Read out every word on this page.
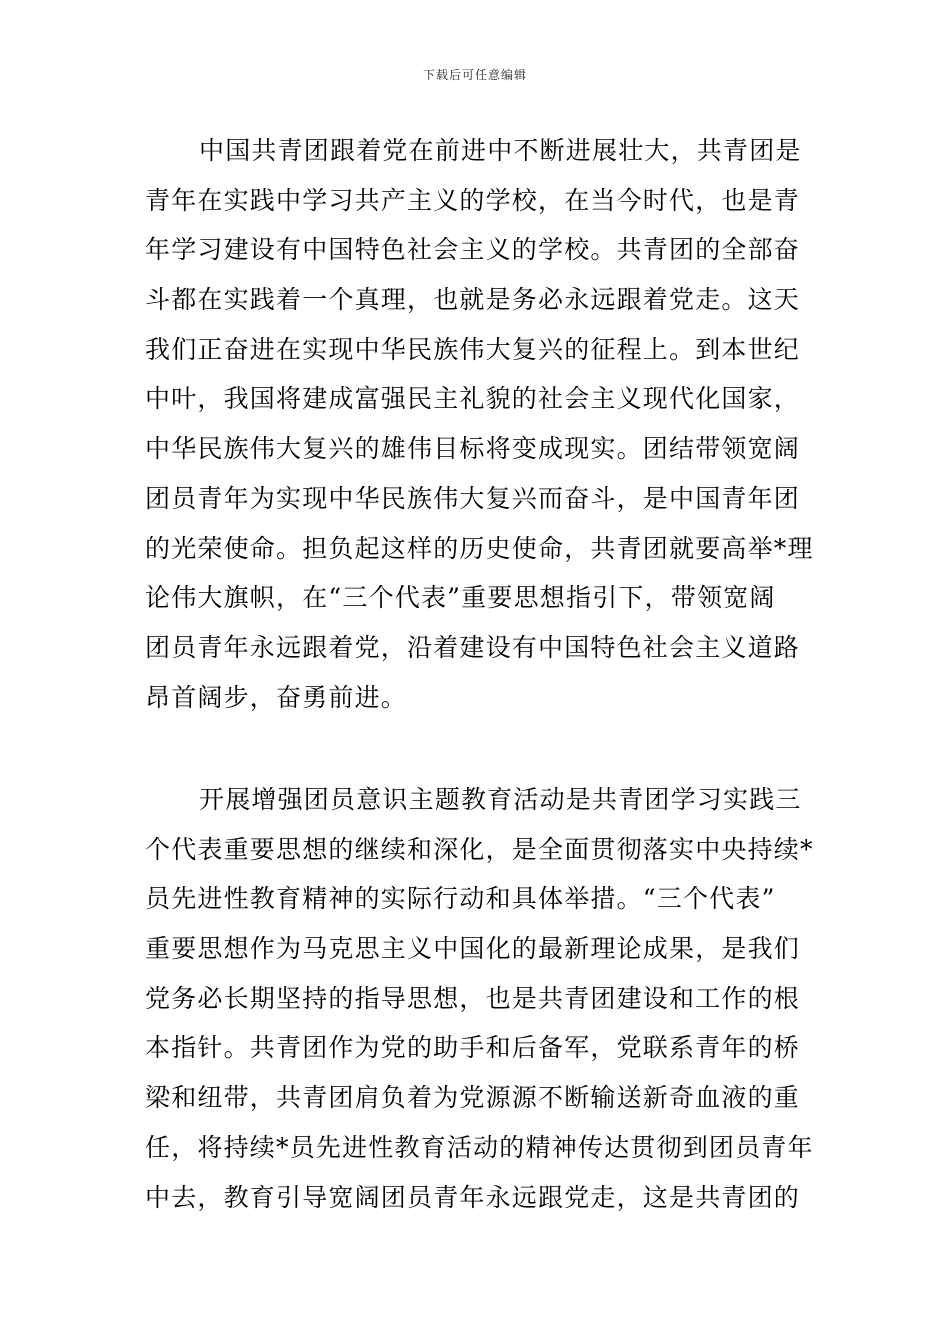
下载后可任意编辑
中国共青团跟着党在前进中不断进展壮大，共青团是
青年在实践中学习共产主义的学校，在当今时代，也是青
年学习建设有中国特色社会主义的学校。共青团的全部奋
斗都在实践着一个真理，也就是务必永远跟着党走。这天
我们正奋进在实现中华民族伟大复兴的征程上。到本世纪
中叶，我国将建成富强民主礼貌的社会主义现代化国家，
中华民族伟大复兴的雄伟目标将变成现实。团结带领宽阔
团员青年为实现中华民族伟大复兴而奋斗，是中国青年团
的光荣使命。担负起这样的历史使命，共青团就要高举*理
论伟大旗帜，在“三个代表”重要思想指引下，带领宽阔
团员青年永远跟着党，沿着建设有中国特色社会主义道路
昂首阔步，奋勇前进。
开展增强团员意识主题教育活动是共青团学习实践三
个代表重要思想的继续和深化，是全面贯彻落实中央持续*
员先进性教育精神的实际行动和具体举措。“三个代表”
重要思想作为马克思主义中国化的最新理论成果，是我们
党务必长期坚持的指导思想，也是共青团建设和工作的根
本指针。共青团作为党的助手和后备军，党联系青年的桥
梁和纽带，共青团肩负着为党源源不断输送新奇血液的重
任，将持续*员先进性教育活动的精神传达贯彻到团员青年
中去，教育引导宽阔团员青年永远跟党走，这是共青团的
